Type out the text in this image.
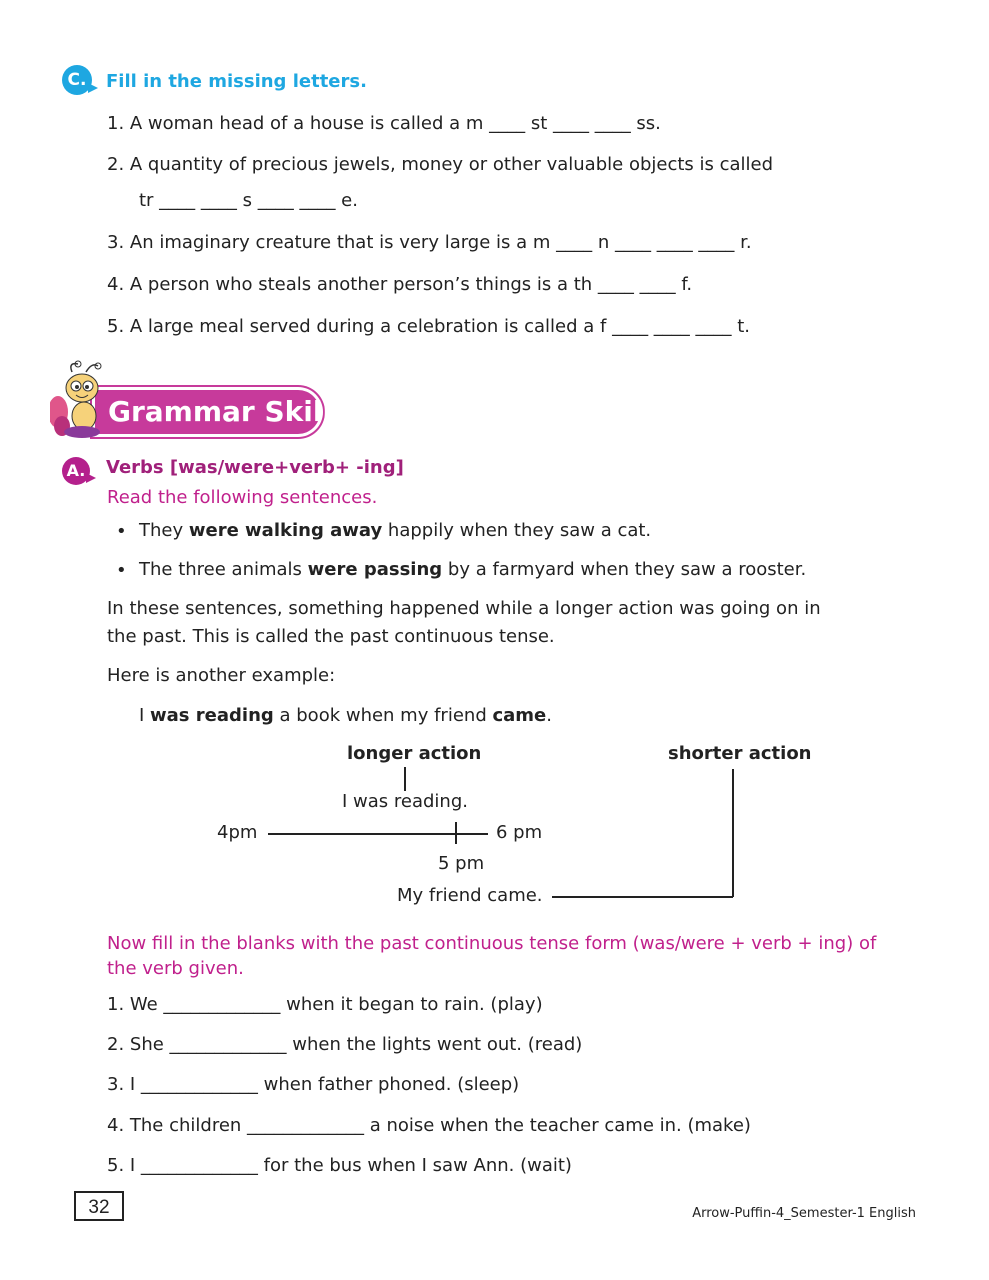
C.	Fill in the missing letters.
1. A woman head of a house is called a m ____ st ____ ____ ss.
2. A quantity of precious jewels, money or other valuable objects is called
tr ____ ____ s ____ ____ e.
3. An imaginary creature that is very large is a m ____ n ____ ____ ____ r.
4. A person who steals another person’s things is a th ____ ____ f.
5. A large meal served during a celebration is called a f ____ ____ ____ t.
Grammar Skills
A. Verbs [was/were+verb+ -ing]
Read the following sentences.
• They were walking away happily when they saw a cat.
• The three animals were passing by a farmyard when they saw a rooster.
In these sentences, something happened while a longer action was going on in
the past. This is called the past continuous tense.
Here is another example:
I was reading a book when my friend came.
longer action	shorter action
I was reading.
4pm	6 pm
5 pm
My friend came.
Now fill in the blanks with the past continuous tense form (was/were + verb + ing) of
the verb given.
1. We _____________ when it began to rain. (play)
2. She _____________ when the lights went out. (read)
3. I _____________ when father phoned. (sleep)
4. The children _____________ a noise when the teacher came in. (make)
5. I _____________ for the bus when I saw Ann. (wait)
32	Arrow-Puffin-4_Semester-1 English
